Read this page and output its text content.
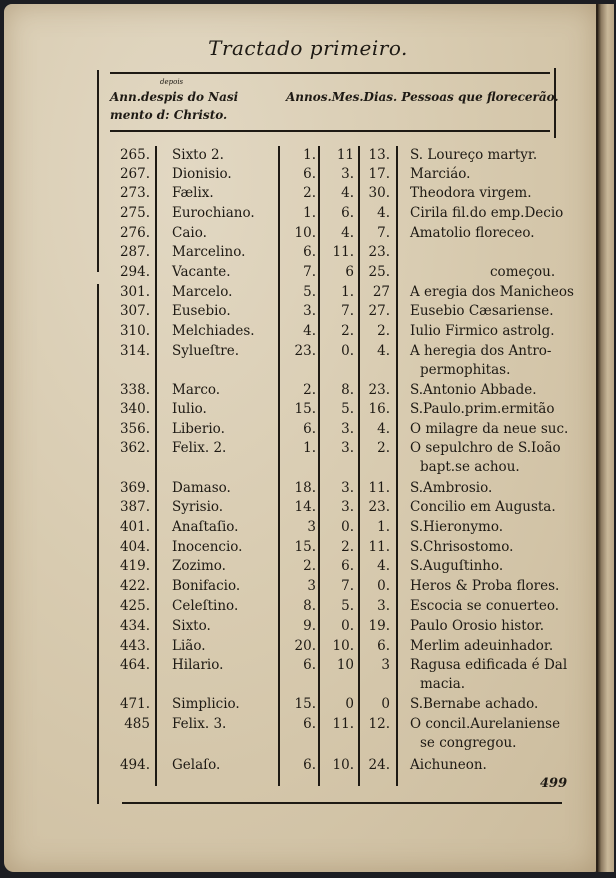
Tractado primeiro.
depois
Ann.despis do Nasi
mento d: Christo.
Annos.Mes.Dias. Pessoas que florecerão.
265. Sixto 2.	1.	11	13. S. Loureço martyr.
267. Dionisio.	6.	3.	17. Marciáo.
273. Fælix.	2.	4.	30. Theodora virgem.
275. Eurochiano.	1.	6.	4. Cirila fil.do emp.Decio
276. Caio.	10.	4.	7. Amatolio floreceo.
287. Marcelino.	6.	11.	23.
294. Vacante.	7.	6	25.	começou.
301. Marcelo.	5.	1.	27 A eregia dos Manicheos
307. Eusebio.	3.	7.	27. Eusebio Cæsariense.
310. Melchiades.	4.	2.	2. Iulio Firmico astrolg.
314. Sylueſtre.	23.	0.	4. A heregia dos Antro-
permophitas.
338. Marco.	2.	8.	23. S.Antonio Abbade.
340. Iulio.	15.	5.	16. S.Paulo.prim.ermitão
356. Liberio.	6.	3.	4. O milagre da neue suc.
362. Felix. 2.	1.	3.	2. O sepulchro de S.Ioão
bapt.se achou.
369. Damaso.	18.	3.	11. S.Ambrosio.
387. Syrisio.	14.	3.	23. Concilio em Augusta.
401. Anaſtaſio.	3	0.	1. S.Hieronymo.
404. Inocencio.	15.	2.	11. S.Chrisostomo.
419. Zozimo.	2.	6.	4. S.Auguſtinho.
422. Bonifacio.	3	7.	0. Heros & Proba flores.
425. Celeſtino.	8.	5.	3. Escocia se conuerteo.
434. Sixto.	9.	0.	19. Paulo Orosio histor.
443. Lião.	20.	10.	6. Merlim adeuinhador.
464. Hilario.	6.	10	3 Ragusa edificada é Dal
macia.
471. Simplicio.	15.	0	0 S.Bernabe achado.
485 Felix. 3.	6.	11.	12. O concil.Aurelaniense
se congregou.
494. Gelaſo.	6.	10.	24. Aichuneon.
499
